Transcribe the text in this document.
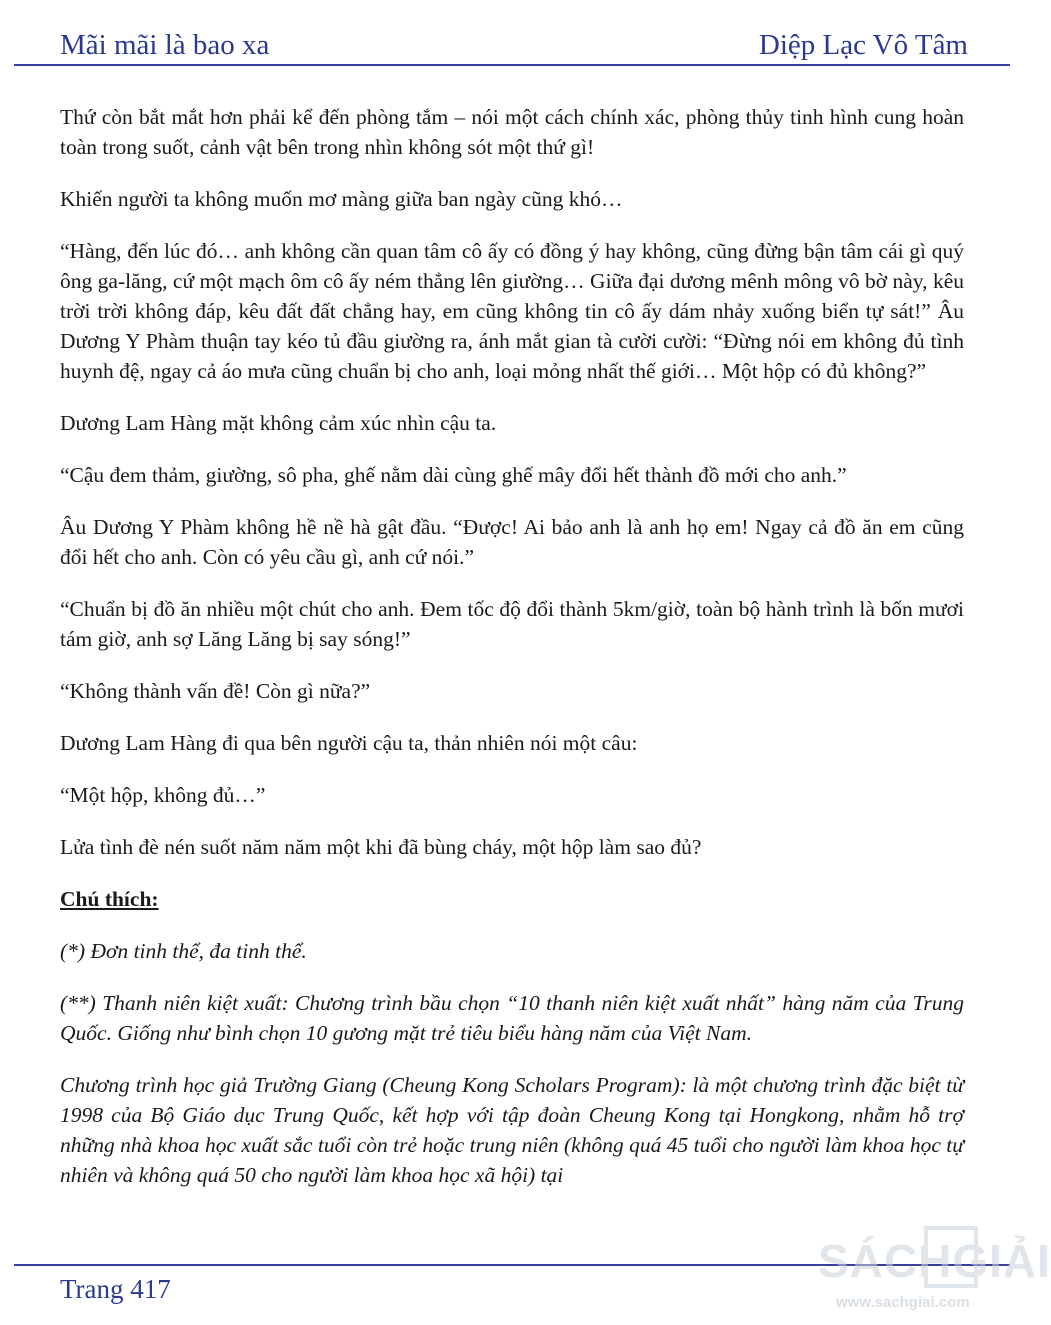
Mãi mãi là bao xa	Diệp Lạc Vô Tâm

Thứ còn bắt mắt hơn phải kể đến phòng tắm – nói một cách chính xác, phòng thủy tinh hình cung hoàn toàn trong suốt, cảnh vật bên trong nhìn không sót một thứ gì!

Khiến người ta không muốn mơ màng giữa ban ngày cũng khó…

“Hàng, đến lúc đó… anh không cần quan tâm cô ấy có đồng ý hay không, cũng đừng bận tâm cái gì quý ông ga-lăng, cứ một mạch ôm cô ấy ném thẳng lên giường… Giữa đại dương mênh mông vô bờ này, kêu trời trời không đáp, kêu đất đất chẳng hay, em cũng không tin cô ấy dám nhảy xuống biển tự sát!” Âu Dương Y Phàm thuận tay kéo tủ đầu giường ra, ánh mắt gian tà cười cười: “Đừng nói em không đủ tình huynh đệ, ngay cả áo mưa cũng chuẩn bị cho anh, loại mỏng nhất thế giới… Một hộp có đủ không?”

Dương Lam Hàng mặt không cảm xúc nhìn cậu ta.

“Cậu đem thảm, giường, sô pha, ghế nằm dài cùng ghế mây đổi hết thành đồ mới cho anh.”

Âu Dương Y Phàm không hề nề hà gật đầu. “Được! Ai bảo anh là anh họ em! Ngay cả đồ ăn em cũng đổi hết cho anh. Còn có yêu cầu gì, anh cứ nói.”

“Chuẩn bị đồ ăn nhiều một chút cho anh. Đem tốc độ đổi thành 5km/giờ, toàn bộ hành trình là bốn mươi tám giờ, anh sợ Lăng Lăng bị say sóng!”

“Không thành vấn đề! Còn gì nữa?”

Dương Lam Hàng đi qua bên người cậu ta, thản nhiên nói một câu:

“Một hộp, không đủ…”

Lửa tình đè nén suốt năm năm một khi đã bùng cháy, một hộp làm sao đủ?

Chú thích:

(*) Đơn tinh thể, đa tinh thể.

(**) Thanh niên kiệt xuất: Chương trình bầu chọn “10 thanh niên kiệt xuất nhất” hàng năm của Trung Quốc. Giống như bình chọn 10 gương mặt trẻ tiêu biểu hàng năm của Việt Nam.

Chương trình học giả Trường Giang (Cheung Kong Scholars Program): là một chương trình đặc biệt từ 1998 của Bộ Giáo dục Trung Quốc, kết hợp với tập đoàn Cheung Kong tại Hongkong, nhằm hỗ trợ những nhà khoa học xuất sắc tuổi còn trẻ hoặc trung niên (không quá 45 tuổi cho người làm khoa học tự nhiên và không quá 50 cho người làm khoa học xã hội) tại

Trang 417
SÁCHGIẢI
www.sachgiai.com
